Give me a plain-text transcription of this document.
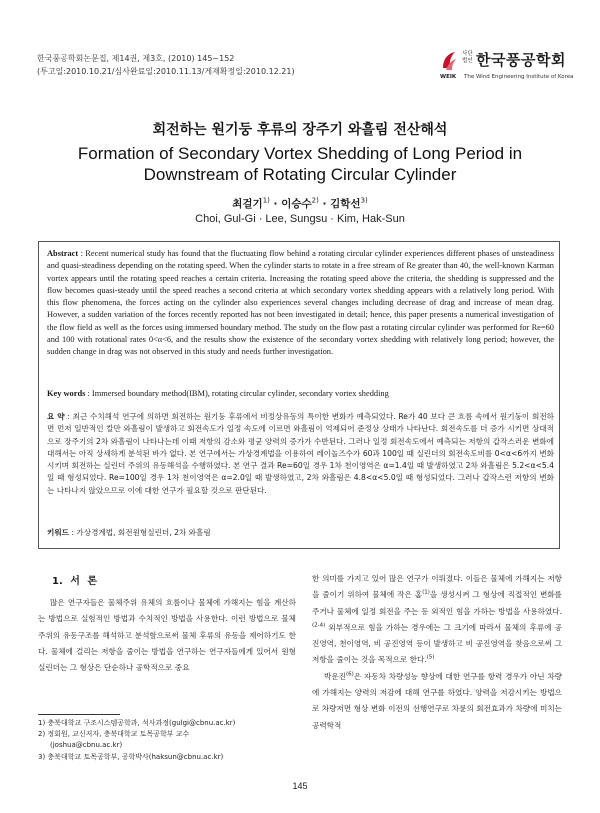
한국풍공학회논문집, 제14권, 제3호, (2010) 145~152
(투고일:2010.10.21/심사완료일:2010.11.13/게재확정일:2010.12.21)
사단
법인 한국풍공학회
WEIK The Wind Engineering Institute of Korea
회전하는 원기둥 후류의 장주기 와흘림 전산해석
Formation of Secondary Vortex Shedding of Long Period in
Downstream of Rotating Circular Cylinder
최걸기$^{1)}$ · 이승수$^{2)}$ · 김학선$^{3)}$
Choi, Gul-Gi · Lee, Sungsu · Kim, Hak-Sun
Abstract : Recent numerical study has found that the fluctuating flow behind a rotating circular cylinder experiences different phases of unsteadiness and quasi-steadiness depending on the rotating speed. When the cylinder starts to rotate in a free stream of Re greater than 40, the well-known Karman vortex appears until the rotating speed reaches a certain criteria. Increasing the rotating speed above the criteria, the shedding is suppressed and the flow becomes quasi-steady until the speed reaches a second criteria at which secondary vortex shedding appears with a relatively long period. With this flow phenomena, the forces acting on the cylinder also experiences several changes including decrease of drag and increase of mean drag. However, a sudden variation of the forces recently reported has not been investigated in detail; hence, this paper presents a numerical investigation of the flow field as well as the forces using immersed boundary method. The study on the flow past a rotating circular cylinder was performed for Re=60 and 100 with rotational rates 0<α<6, and the results show the existence of the secondary vortex shedding with relatively long period; however, the sudden change in drag was not observed in this study and needs further investigation.
Key words : Immersed boundary method(IBM), rotating circular cylinder, secondary vortex shedding
요 약 : 최근 수치해석 연구에 의하면 회전하는 원기둥 후류에서 비정상유동의 특이한 변화가 예측되었다. Re가 40 보다 큰 흐름 속에서 원기둥이 회전하면 먼저 일반적인 칼만 와흘림이 발생하고 회전속도가 일정 속도에 이르면 와흘림이 억제되어 준정상 상태가 나타난다. 회전속도를 더 증가 시키면 상대적으로 장주기의 2차 와흘림이 나타나는데 이때 저항의 감소와 평균 양력의 증가가 수반된다. 그러나 일정 회전속도에서 예측되는 저항의 갑작스러운 변화에 대해서는 아직 상세하게 분석된 바가 없다. 본 연구에서는 가상경계법을 이용하여 레이놀즈수가 60과 100일 때 실린더의 회전속도비를 0<α<6까지 변화시키며 회전하는 실린더 주위의 유동해석을 수행하였다. 본 연구 결과 Re=60일 경우 1차 천이영역은 α=1.4일 때 발생하였고 2차 와흘림은 5.2<α<5.4일 때 형성되었다. Re=100일 경우 1차 천이영역은 α=2.0일 때 발생하였고, 2차 와흘림은 4.8<α<5.0일 때 형성되었다. 그러나 갑작스런 저항의 변화는 나타나지 않았으므로 이에 대한 연구가 필요할 것으로 판단된다.
키워드 : 가상경계법, 회전원형실린더, 2차 와흘림
1. 서 론
많은 연구자들은 물체주위 유체의 흐름이나 물체에 가해지는 힘을 계산하는 방법으로 실험적인 방법과 수치적인 방법을 사용한다. 이런 방법으로 물체주위의 유동구조를 해석하고 분석함으로써 물체 후류의 유동을 제어하기도 한다. 물체에 걸리는 저항을 줄이는 방법을 연구하는 연구자들에게 있어서 원형실린더는 그 형상은 단순하나 공학적으로 중요
한 의미를 가지고 있어 많은 연구가 이뤄졌다. 이들은 물체에 가해지는 저항을 줄이기 위하여 물체에 작은 홈$^{(1)}$을 생성시켜 그 형상에 직접적인 변화를 주거나 물체에 일정 회전을 주는 등 외적인 힘을 가하는 방법을 사용하였다.$^{(2-4)}$ 외부적으로 힘을 가하는 경우에는 그 크기에 따라서 물체의 후류에 공진영역, 천이영역, 비 공진영역 등이 발생하고 비 공진영역을 찾음으로써 그 저항을 줄이는 것을 목적으로 한다.$^{(5)}$
박운진$^{(6)}$은 자동차 차량성능 향상에 대한 연구를 항력 경우가 아닌 차량에 가해지는 양력의 저감에 대해 연구를 하였다. 양력을 저감시키는 방법으로 차량저면 형상 변화 이전의 선행연구로 차륜의 회전효과가 차량에 미치는 공력학적
1) 충북대학교 구조시스템공학과, 석사과정(gulgi@cbnu.ac.kr)
2) 정회원, 교신저자, 충북대학교 토목공학부 교수
(joshua@cbnu.ac.kr)
3) 충북대학교 토목공학부, 공학박사(haksun@cbnu.ac.kr)
145
